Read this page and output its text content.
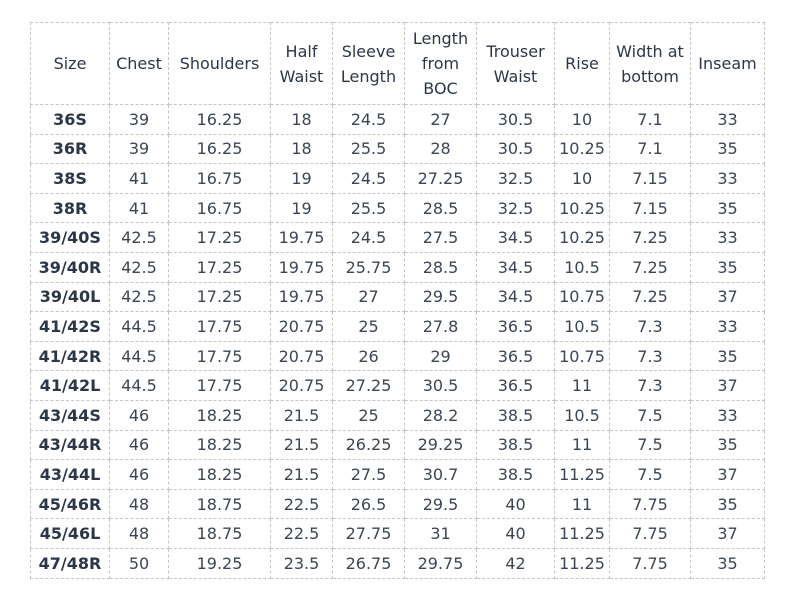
Size	Chest	Shoulders	Half Waist	Sleeve Length	Length from BOC	Trouser Waist	Rise	Width at bottom	Inseam
36S	39	16.25	18	24.5	27	30.5	10	7.1	33
36R	39	16.25	18	25.5	28	30.5	10.25	7.1	35
38S	41	16.75	19	24.5	27.25	32.5	10	7.15	33
38R	41	16.75	19	25.5	28.5	32.5	10.25	7.15	35
39/40S	42.5	17.25	19.75	24.5	27.5	34.5	10.25	7.25	33
39/40R	42.5	17.25	19.75	25.75	28.5	34.5	10.5	7.25	35
39/40L	42.5	17.25	19.75	27	29.5	34.5	10.75	7.25	37
41/42S	44.5	17.75	20.75	25	27.8	36.5	10.5	7.3	33
41/42R	44.5	17.75	20.75	26	29	36.5	10.75	7.3	35
41/42L	44.5	17.75	20.75	27.25	30.5	36.5	11	7.3	37
43/44S	46	18.25	21.5	25	28.2	38.5	10.5	7.5	33
43/44R	46	18.25	21.5	26.25	29.25	38.5	11	7.5	35
43/44L	46	18.25	21.5	27.5	30.7	38.5	11.25	7.5	37
45/46R	48	18.75	22.5	26.5	29.5	40	11	7.75	35
45/46L	48	18.75	22.5	27.75	31	40	11.25	7.75	37
47/48R	50	19.25	23.5	26.75	29.75	42	11.25	7.75	35
